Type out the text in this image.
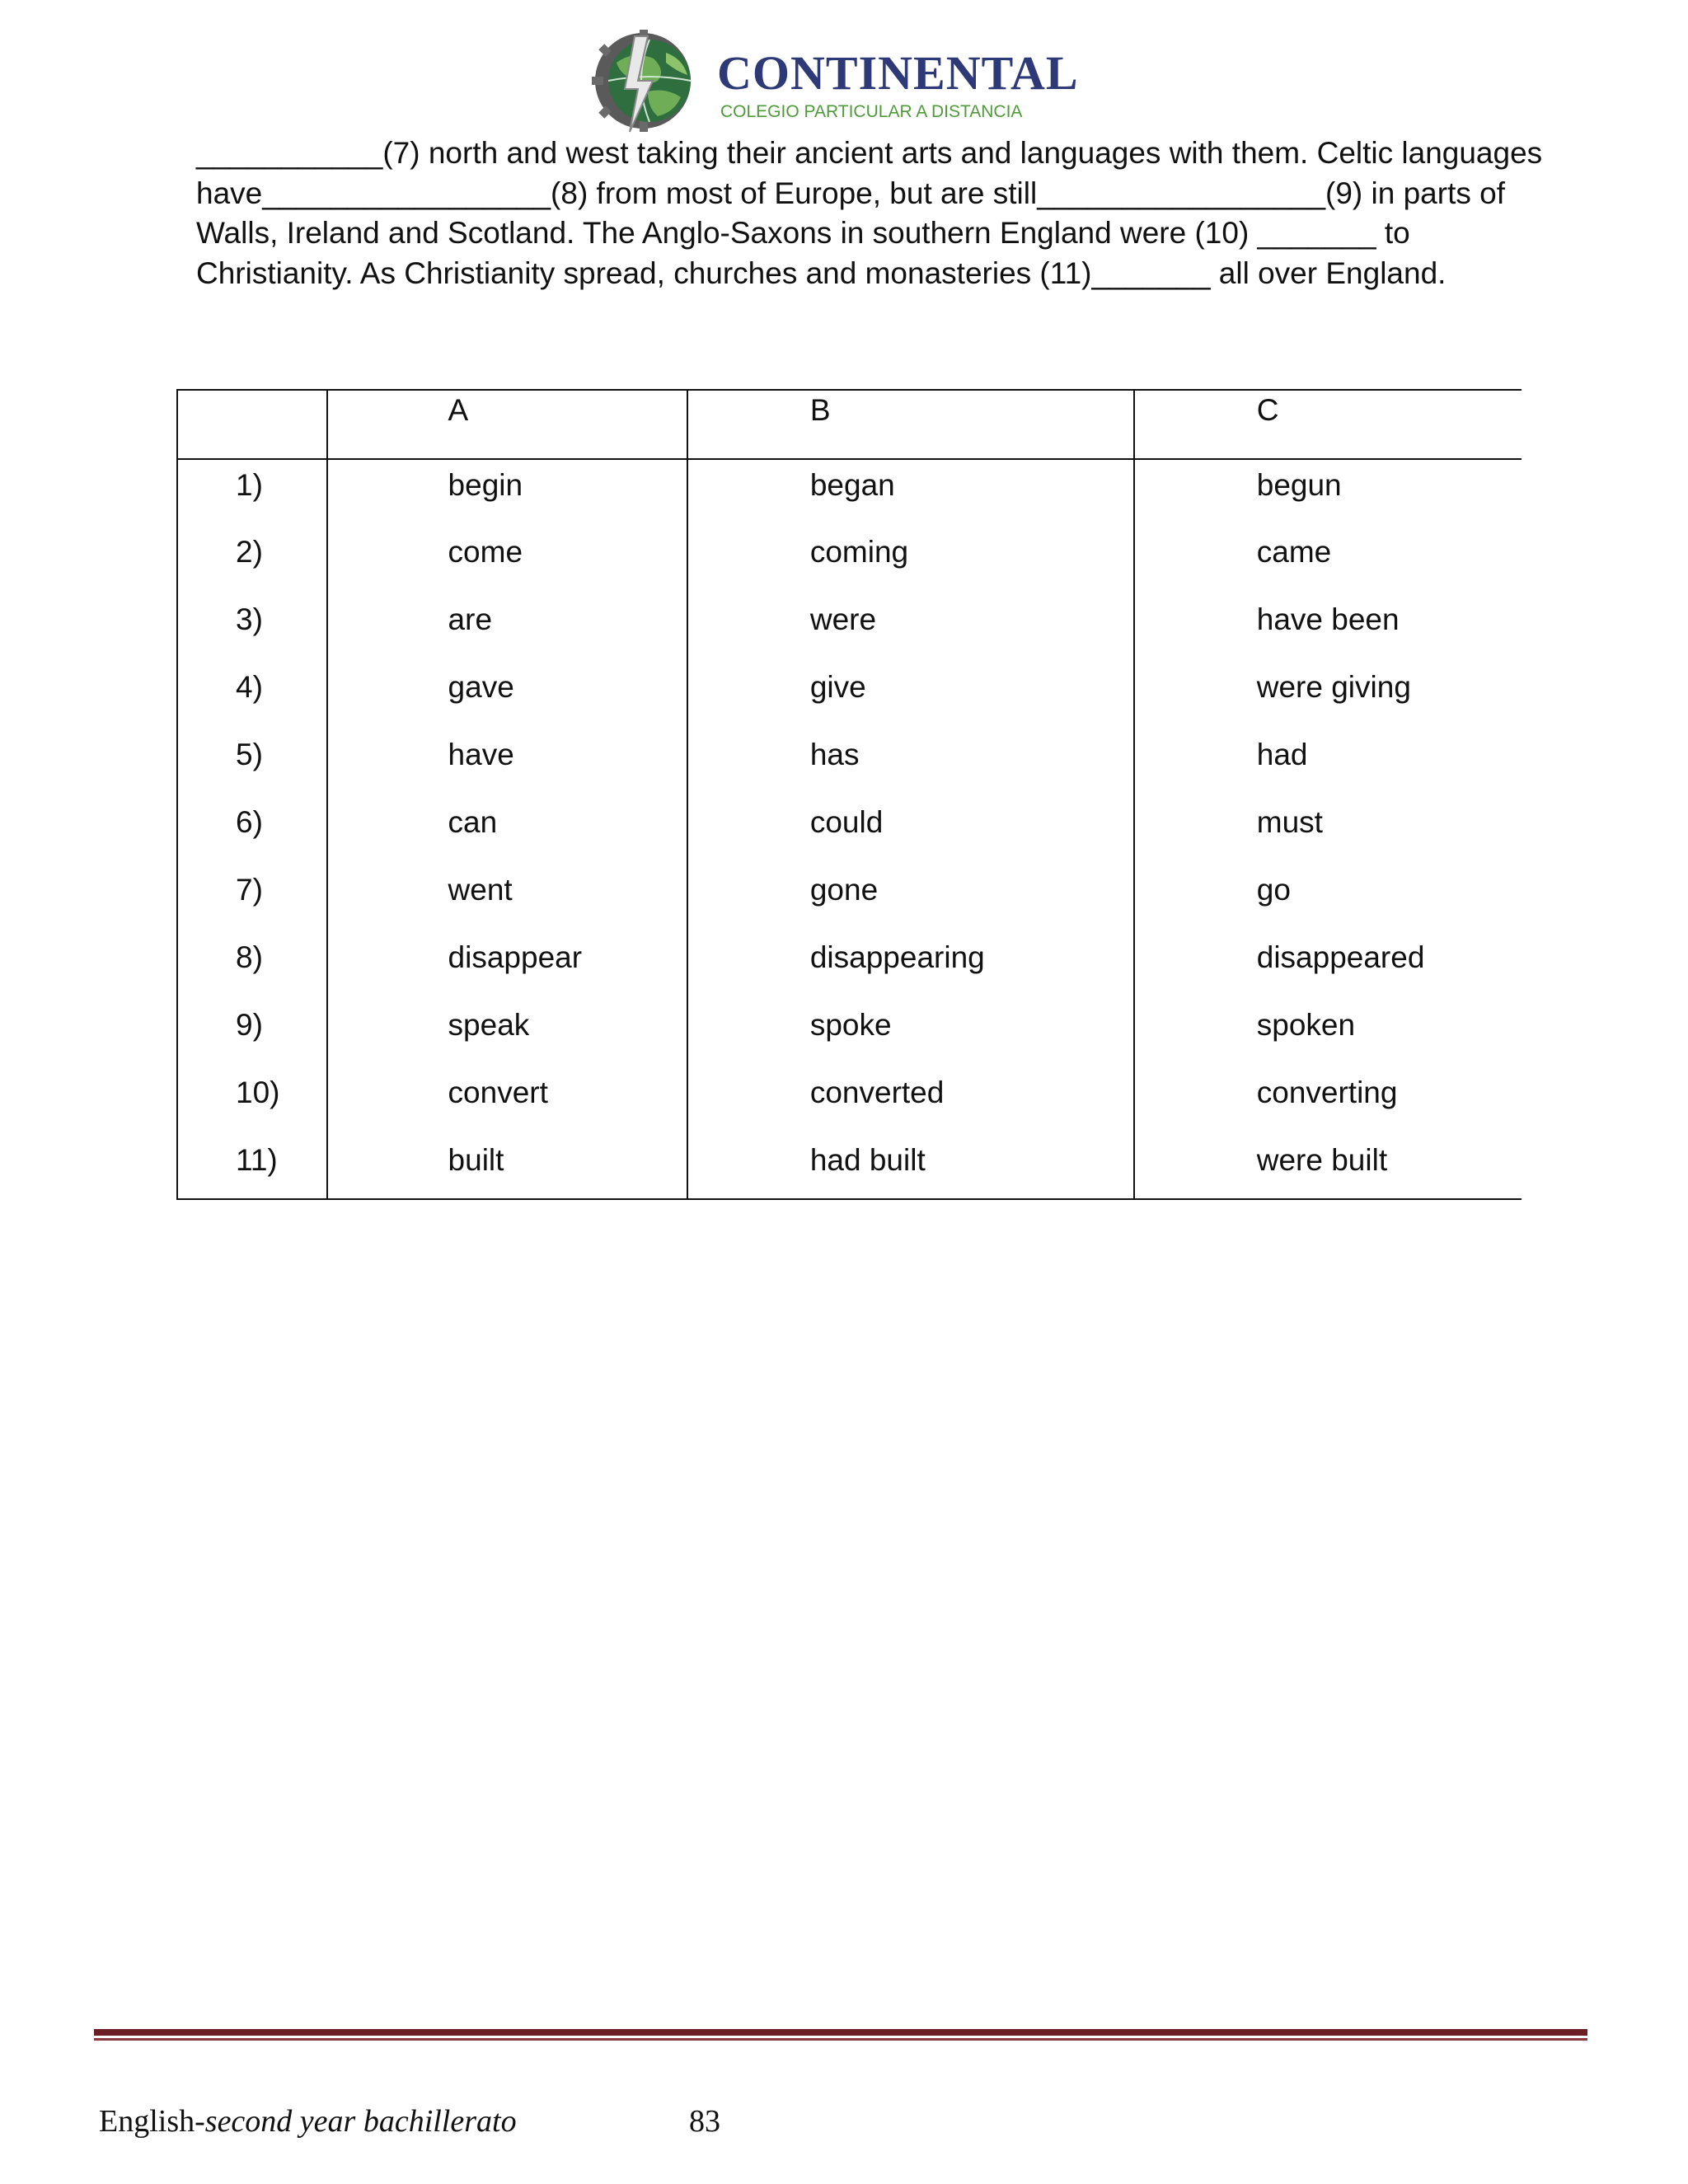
CONTINENTAL
COLEGIO PARTICULAR A DISTANCIA
___________(7) north and west taking their ancient arts and languages with them. Celtic languages
have_________________(8) from most of Europe, but are still_________________(9) in parts of
Walls, Ireland and Scotland. The Anglo-Saxons in southern England were (10) _______ to
Christianity. As Christianity spread, churches and monasteries (11)_______ all over England.
	A	B	C
1)	begin	began	begun
2)	come	coming	came
3)	are	were	have been
4)	gave	give	were giving
5)	have	has	had
6)	can	could	must
7)	went	gone	go
8)	disappear	disappearing	disappeared
9)	speak	spoke	spoken
10)	convert	converted	converting
11)	built	had built	were built
English-second year bachillerato	83
